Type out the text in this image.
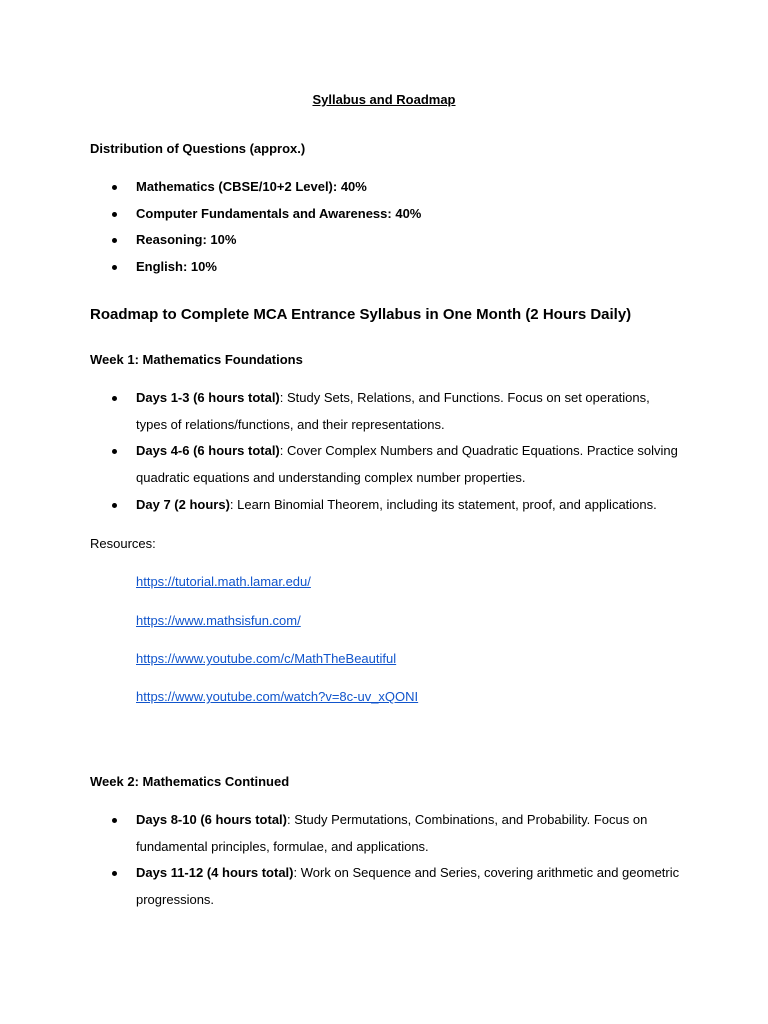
Syllabus and Roadmap

Distribution of Questions (approx.)

Mathematics (CBSE/10+2 Level): 40%
Computer Fundamentals and Awareness: 40%
Reasoning: 10%
English: 10%
Roadmap to Complete MCA Entrance Syllabus in One Month (2 Hours Daily)

Week 1: Mathematics Foundations

Days 1-3 (6 hours total): Study Sets, Relations, and Functions. Focus on set operations, types of relations/functions, and their representations.
Days 4-6 (6 hours total): Cover Complex Numbers and Quadratic Equations. Practice solving quadratic equations and understanding complex number properties.
Day 7 (2 hours): Learn Binomial Theorem, including its statement, proof, and applications.

Resources:

https://tutorial.math.lamar.edu/
https://www.mathsisfun.com/
https://www.youtube.com/c/MathTheBeautiful
https://www.youtube.com/watch?v=8c-uv_xQONI

Week 2: Mathematics Continued

Days 8-10 (6 hours total): Study Permutations, Combinations, and Probability. Focus on fundamental principles, formulae, and applications.
Days 11-12 (4 hours total): Work on Sequence and Series, covering arithmetic and geometric progressions.
